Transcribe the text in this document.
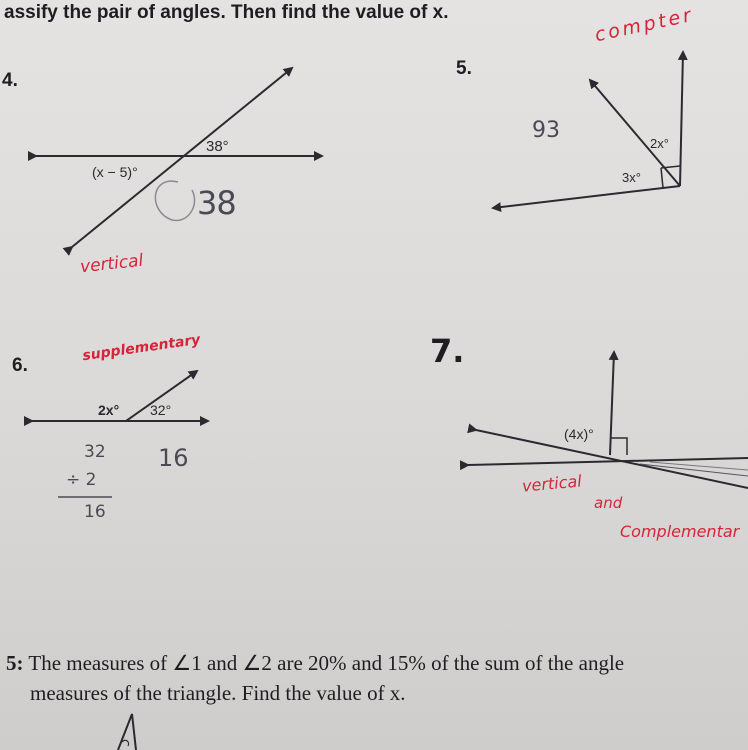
assify the pair of angles. Then find the value of x.
4.
(x − 5)°
38°
38
vertical
5.
93
2x°
3x°
compter
6.
supplementary
2x° 32°
32
÷ 2
16
16
7.
(4x)°
vertical
and
Complementar
5: The measures of ∠1 and ∠2 are 20% and 15% of the sum of the angle
measures of the triangle. Find the value of x.
